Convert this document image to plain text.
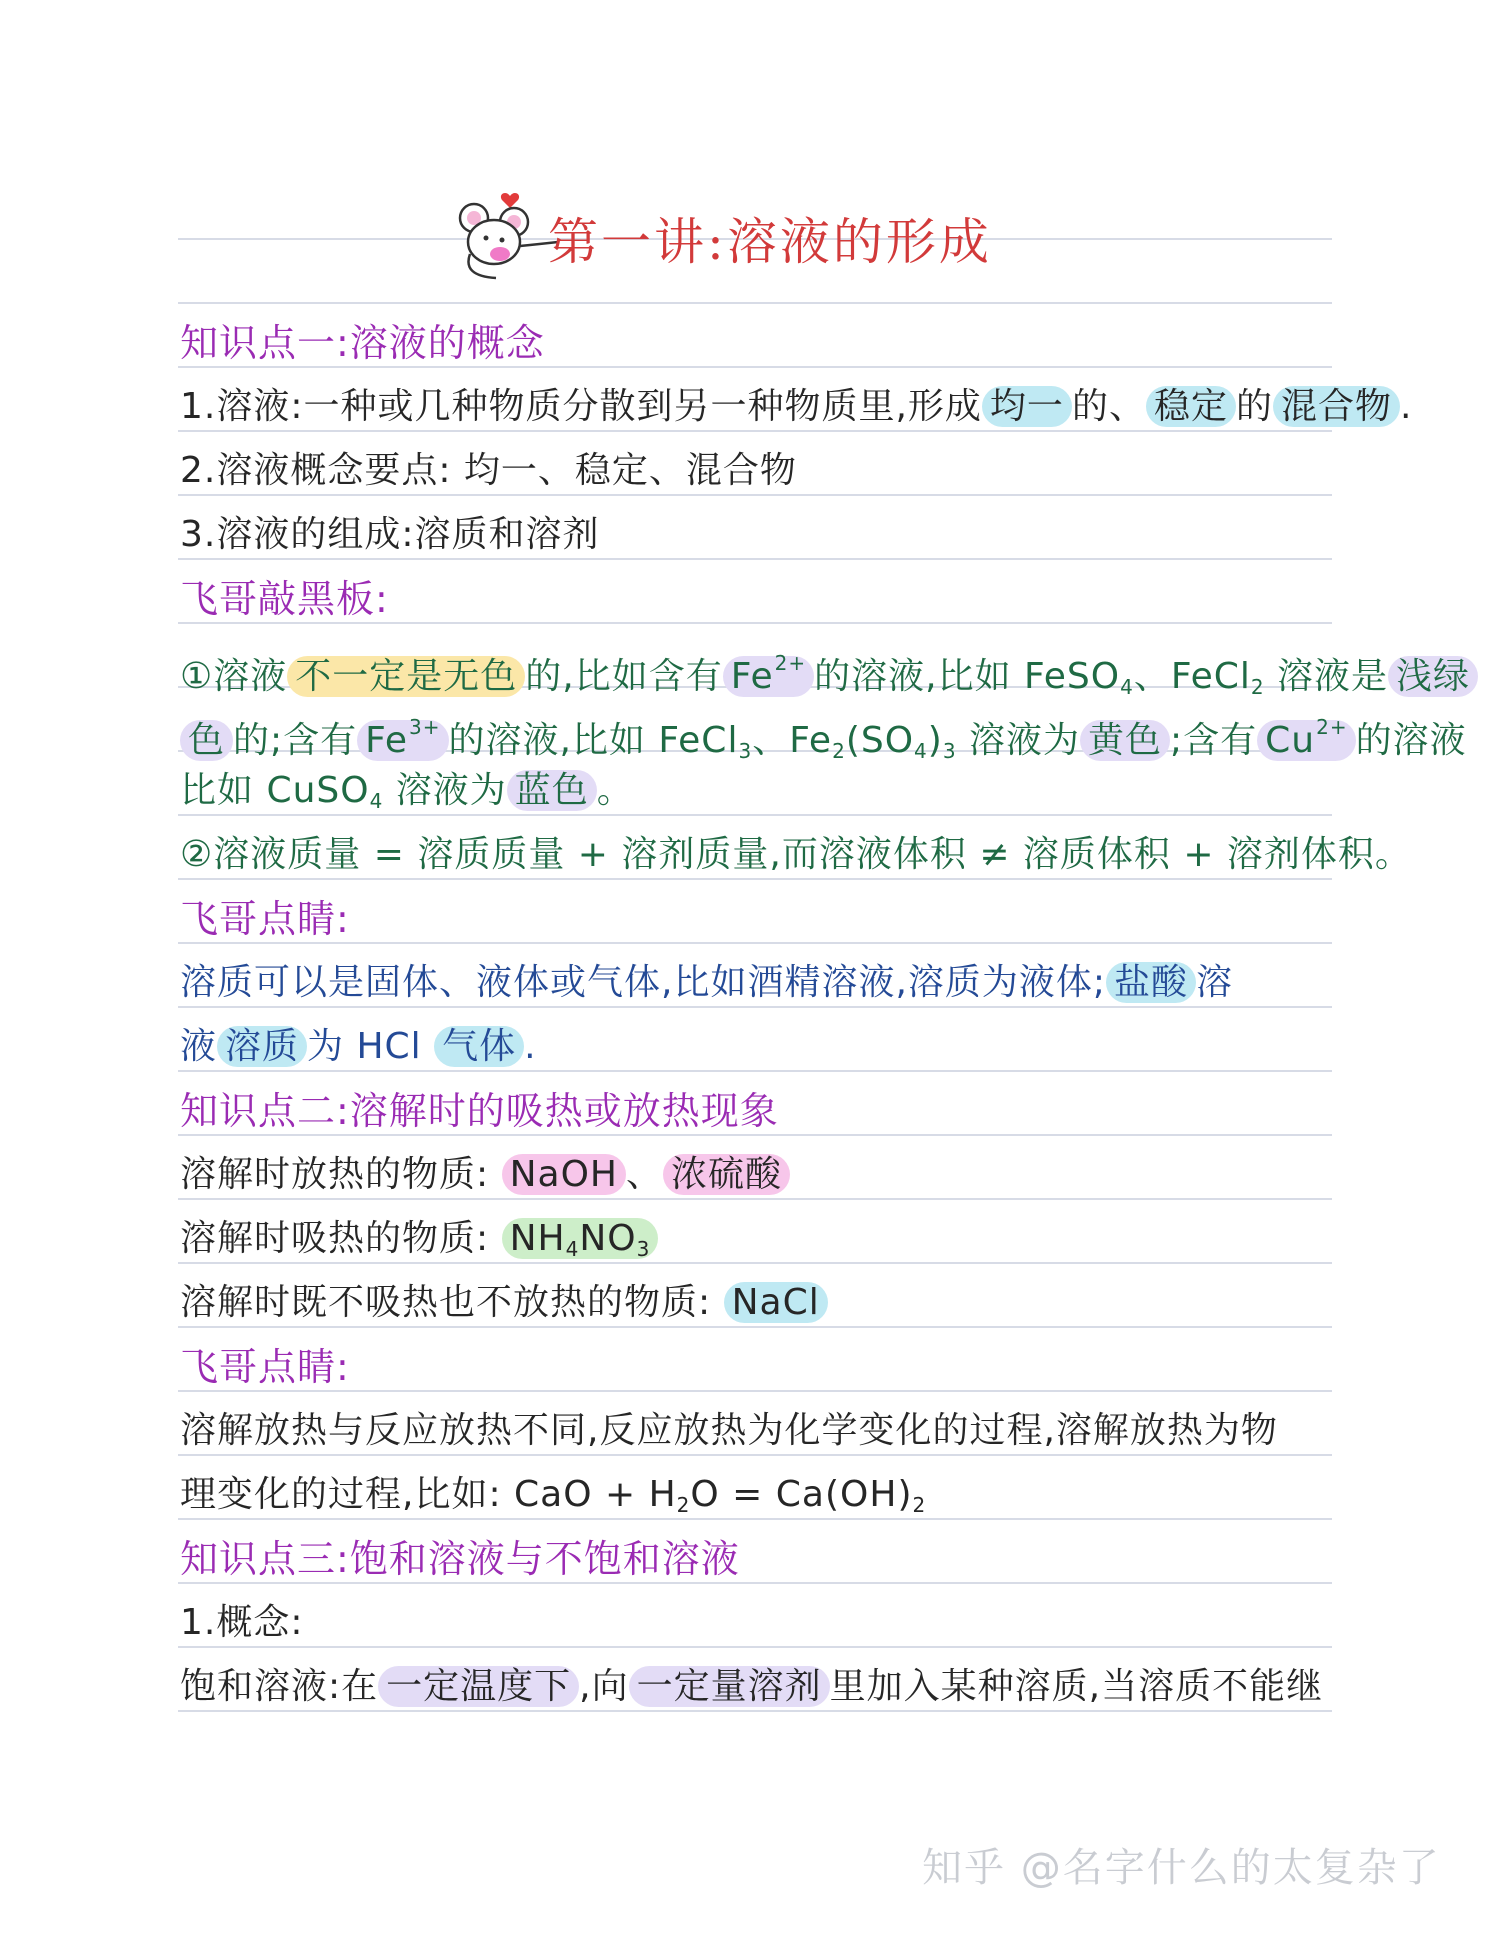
第一讲:溶液的形成
知识点一:溶液的概念
1.溶液:一种或几种物质分散到另一种物质里,形成 均一 的、 稳定 的 混合物 .
2.溶液概念要点: 均一、稳定、混合物
3.溶液的组成:溶质和溶剂
飞哥敲黑板:
①溶液 不一定是无色 的,比如含有 $Fe^{2+}$ 的溶液,比如 FeSO$_4$、FeCl$_2$ 溶液是 浅绿
色 的;含有 $Fe^{3+}$ 的溶液,比如 FeCl$_3$、$Fe_2(SO_4)_3$ 溶液为 黄色 ;含有 $Cu^{2+}$ 的溶液
比如 CuSO$_4$ 溶液为 蓝色 。
②溶液质量 = 溶质质量 + 溶剂质量,而溶液体积 ≠ 溶质体积 + 溶剂体积。
飞哥点睛:
溶质可以是固体、液体或气体,比如酒精溶液,溶质为液体; 盐酸 溶
液 溶质 为 HCl 气体 .
知识点二:溶解时的吸热或放热现象
溶解时放热的物质: NaOH 、 浓硫酸
溶解时吸热的物质: $NH_4NO_3$
溶解时既不吸热也不放热的物质: NaCl
飞哥点睛:
溶解放热与反应放热不同,反应放热为化学变化的过程,溶解放热为物
理变化的过程,比如: CaO + $H_2O = Ca(OH)_2$
知识点三:饱和溶液与不饱和溶液
1.概念:
饱和溶液:在 一定温度下 ,向 一定量溶剂 里加入某种溶质,当溶质不能继
知乎 @名字什么的太复杂了
